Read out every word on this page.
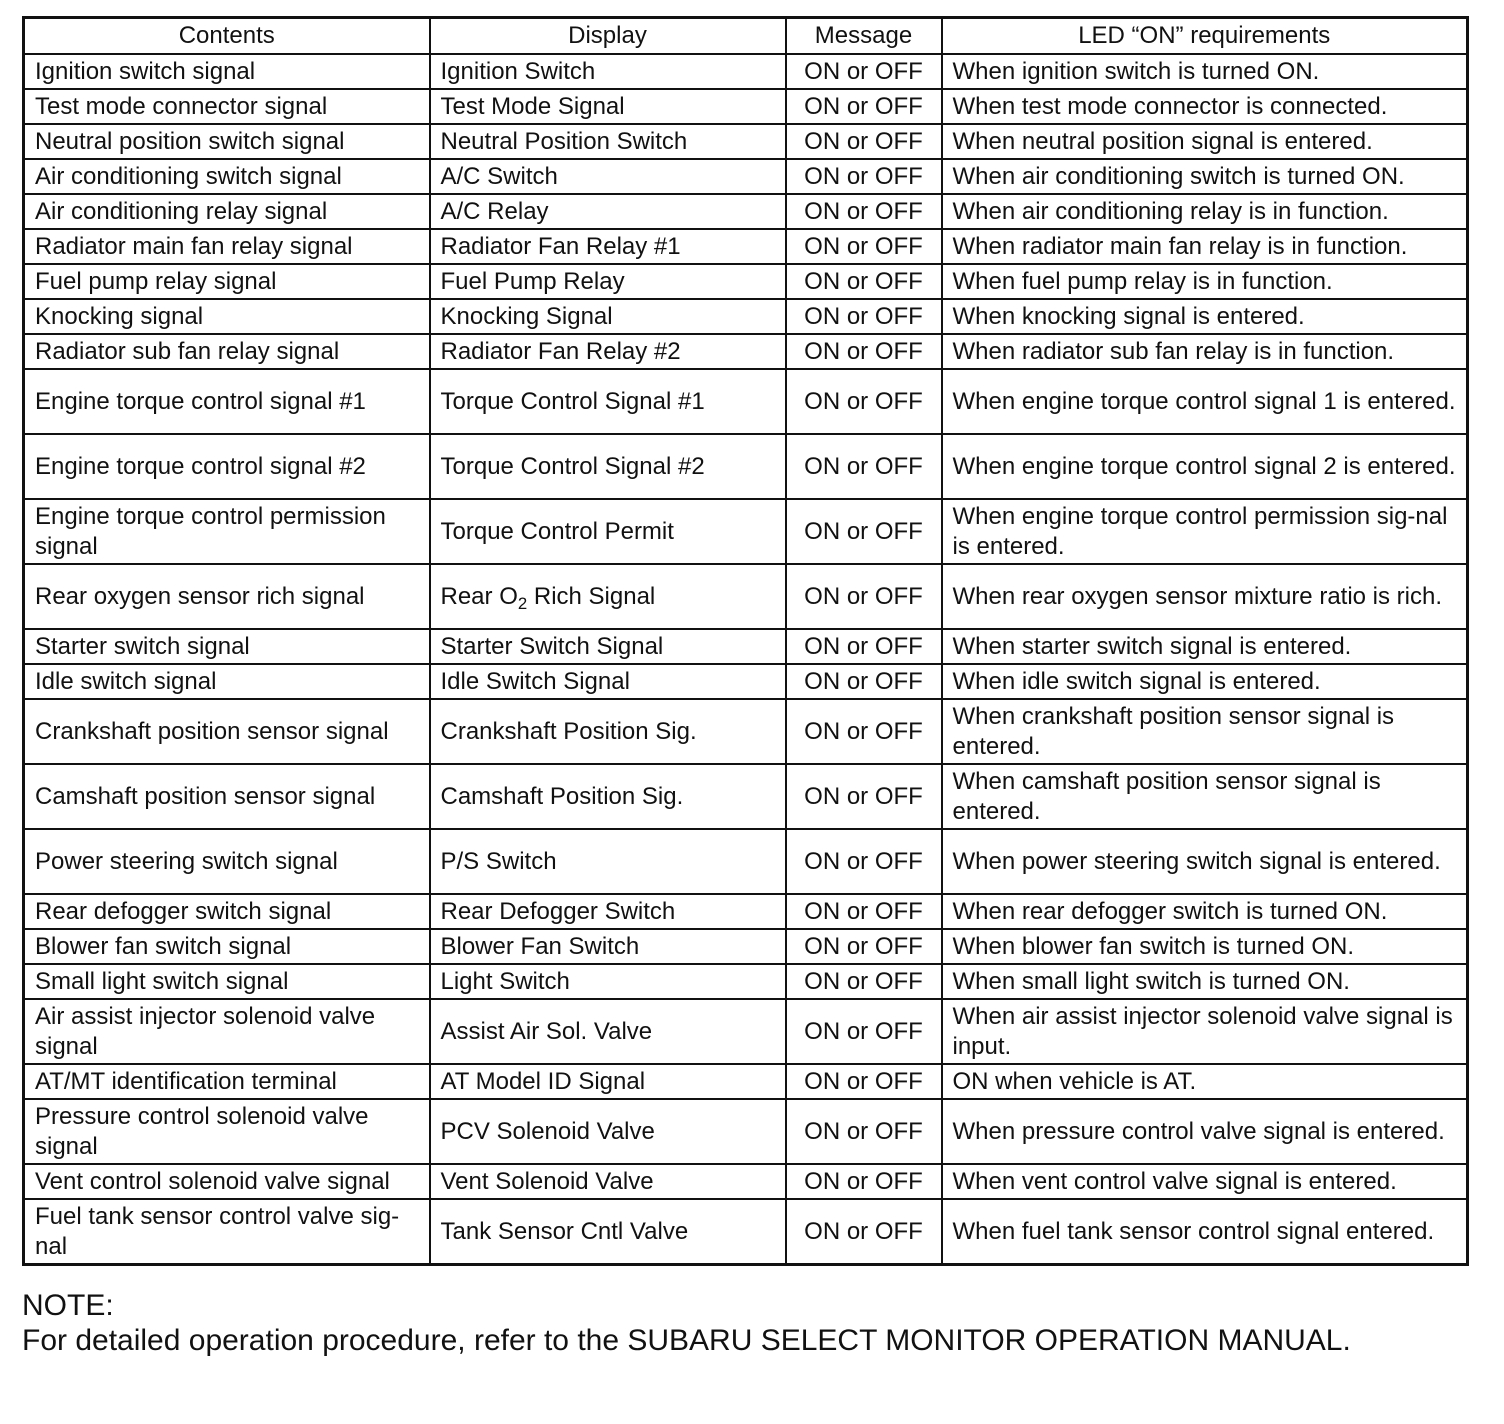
Contents	Display	Message	LED “ON” requirements
Ignition switch signal	Ignition Switch	ON or OFF	When ignition switch is turned ON.
Test mode connector signal	Test Mode Signal	ON or OFF	When test mode connector is connected.
Neutral position switch signal	Neutral Position Switch	ON or OFF	When neutral position signal is entered.
Air conditioning switch signal	A/C Switch	ON or OFF	When air conditioning switch is turned ON.
Air conditioning relay signal	A/C Relay	ON or OFF	When air conditioning relay is in function.
Radiator main fan relay signal	Radiator Fan Relay #1	ON or OFF	When radiator main fan relay is in function.
Fuel pump relay signal	Fuel Pump Relay	ON or OFF	When fuel pump relay is in function.
Knocking signal	Knocking Signal	ON or OFF	When knocking signal is entered.
Radiator sub fan relay signal	Radiator Fan Relay #2	ON or OFF	When radiator sub fan relay is in function.
Engine torque control signal #1	Torque Control Signal #1	ON or OFF	When engine torque control signal 1 is entered.
Engine torque control signal #2	Torque Control Signal #2	ON or OFF	When engine torque control signal 2 is entered.
Engine torque control permission signal	Torque Control Permit	ON or OFF	When engine torque control permission sig-nal is entered.
Rear oxygen sensor rich signal	Rear $O_2$ Rich Signal	ON or OFF	When rear oxygen sensor mixture ratio is rich.
Starter switch signal	Starter Switch Signal	ON or OFF	When starter switch signal is entered.
Idle switch signal	Idle Switch Signal	ON or OFF	When idle switch signal is entered.
Crankshaft position sensor signal	Crankshaft Position Sig.	ON or OFF	When crankshaft position sensor signal is entered.
Camshaft position sensor signal	Camshaft Position Sig.	ON or OFF	When camshaft position sensor signal is entered.
Power steering switch signal	P/S Switch	ON or OFF	When power steering switch signal is entered.
Rear defogger switch signal	Rear Defogger Switch	ON or OFF	When rear defogger switch is turned ON.
Blower fan switch signal	Blower Fan Switch	ON or OFF	When blower fan switch is turned ON.
Small light switch signal	Light Switch	ON or OFF	When small light switch is turned ON.
Air assist injector solenoid valve signal	Assist Air Sol. Valve	ON or OFF	When air assist injector solenoid valve signal is input.
AT/MT identification terminal	AT Model ID Signal	ON or OFF	ON when vehicle is AT.
Pressure control solenoid valve signal	PCV Solenoid Valve	ON or OFF	When pressure control valve signal is entered.
Vent control solenoid valve signal	Vent Solenoid Valve	ON or OFF	When vent control valve signal is entered.
Fuel tank sensor control valve sig-nal	Tank Sensor Cntl Valve	ON or OFF	When fuel tank sensor control signal entered.
NOTE:
For detailed operation procedure, refer to the SUBARU SELECT MONITOR OPERATION MANUAL.
